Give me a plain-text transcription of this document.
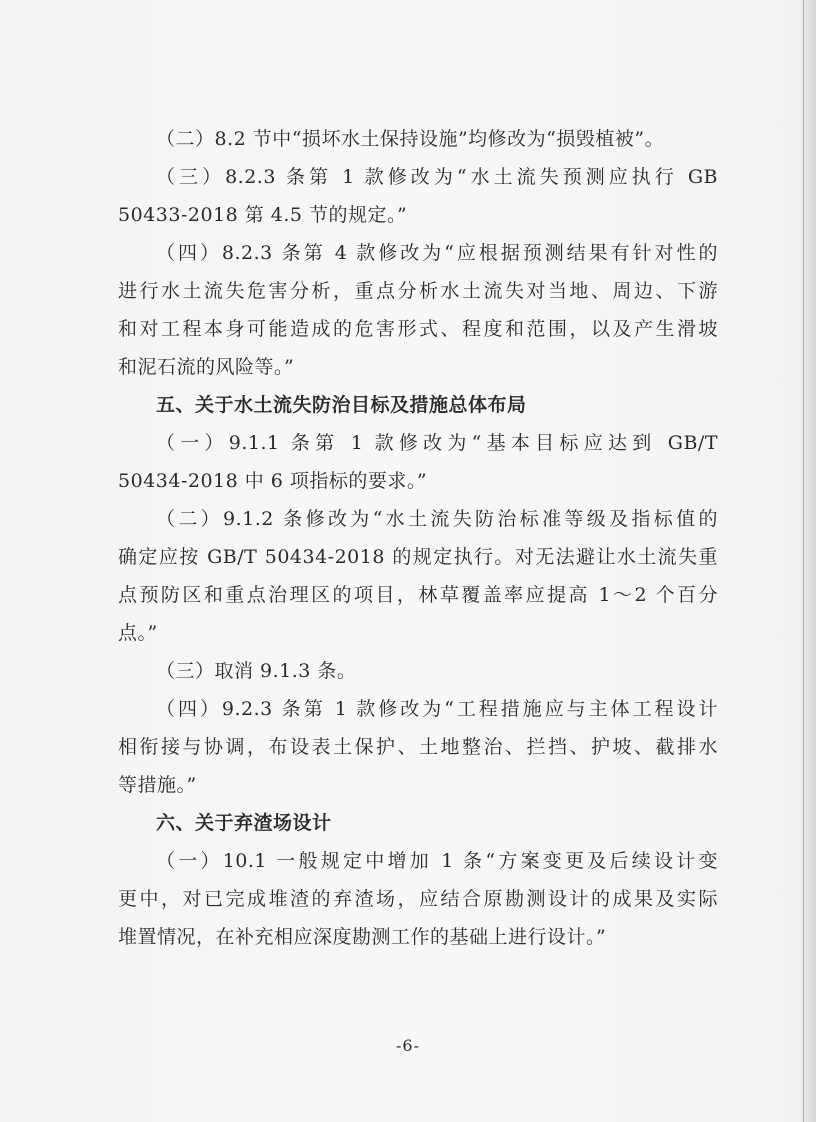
（二）8.2 节中“损坏水土保持设施”均修改为“损毁植被”。
（三）8.2.3 条第 1 款修改为“水土流失预测应执行 GB
50433-2018 第 4.5 节的规定。”
（四）8.2.3 条第 4 款修改为“应根据预测结果有针对性的
进行水土流失危害分析，重点分析水土流失对当地、周边、下游
和对工程本身可能造成的危害形式、程度和范围，以及产生滑坡
和泥石流的风险等。”
五、关于水土流失防治目标及措施总体布局
（一）9.1.1 条第 1 款修改为“基本目标应达到 GB/T
50434-2018 中 6 项指标的要求。”
（二）9.1.2 条修改为“水土流失防治标准等级及指标值的
确定应按 GB/T 50434-2018 的规定执行。对无法避让水土流失重
点预防区和重点治理区的项目，林草覆盖率应提高 1～2 个百分
点。”
（三）取消 9.1.3 条。
（四）9.2.3 条第 1 款修改为“工程措施应与主体工程设计
相衔接与协调，布设表土保护、土地整治、拦挡、护坡、截排水
等措施。”
六、关于弃渣场设计
（一）10.1 一般规定中增加 1 条“方案变更及后续设计变
更中，对已完成堆渣的弃渣场，应结合原勘测设计的成果及实际
堆置情况，在补充相应深度勘测工作的基础上进行设计。”
-6-
